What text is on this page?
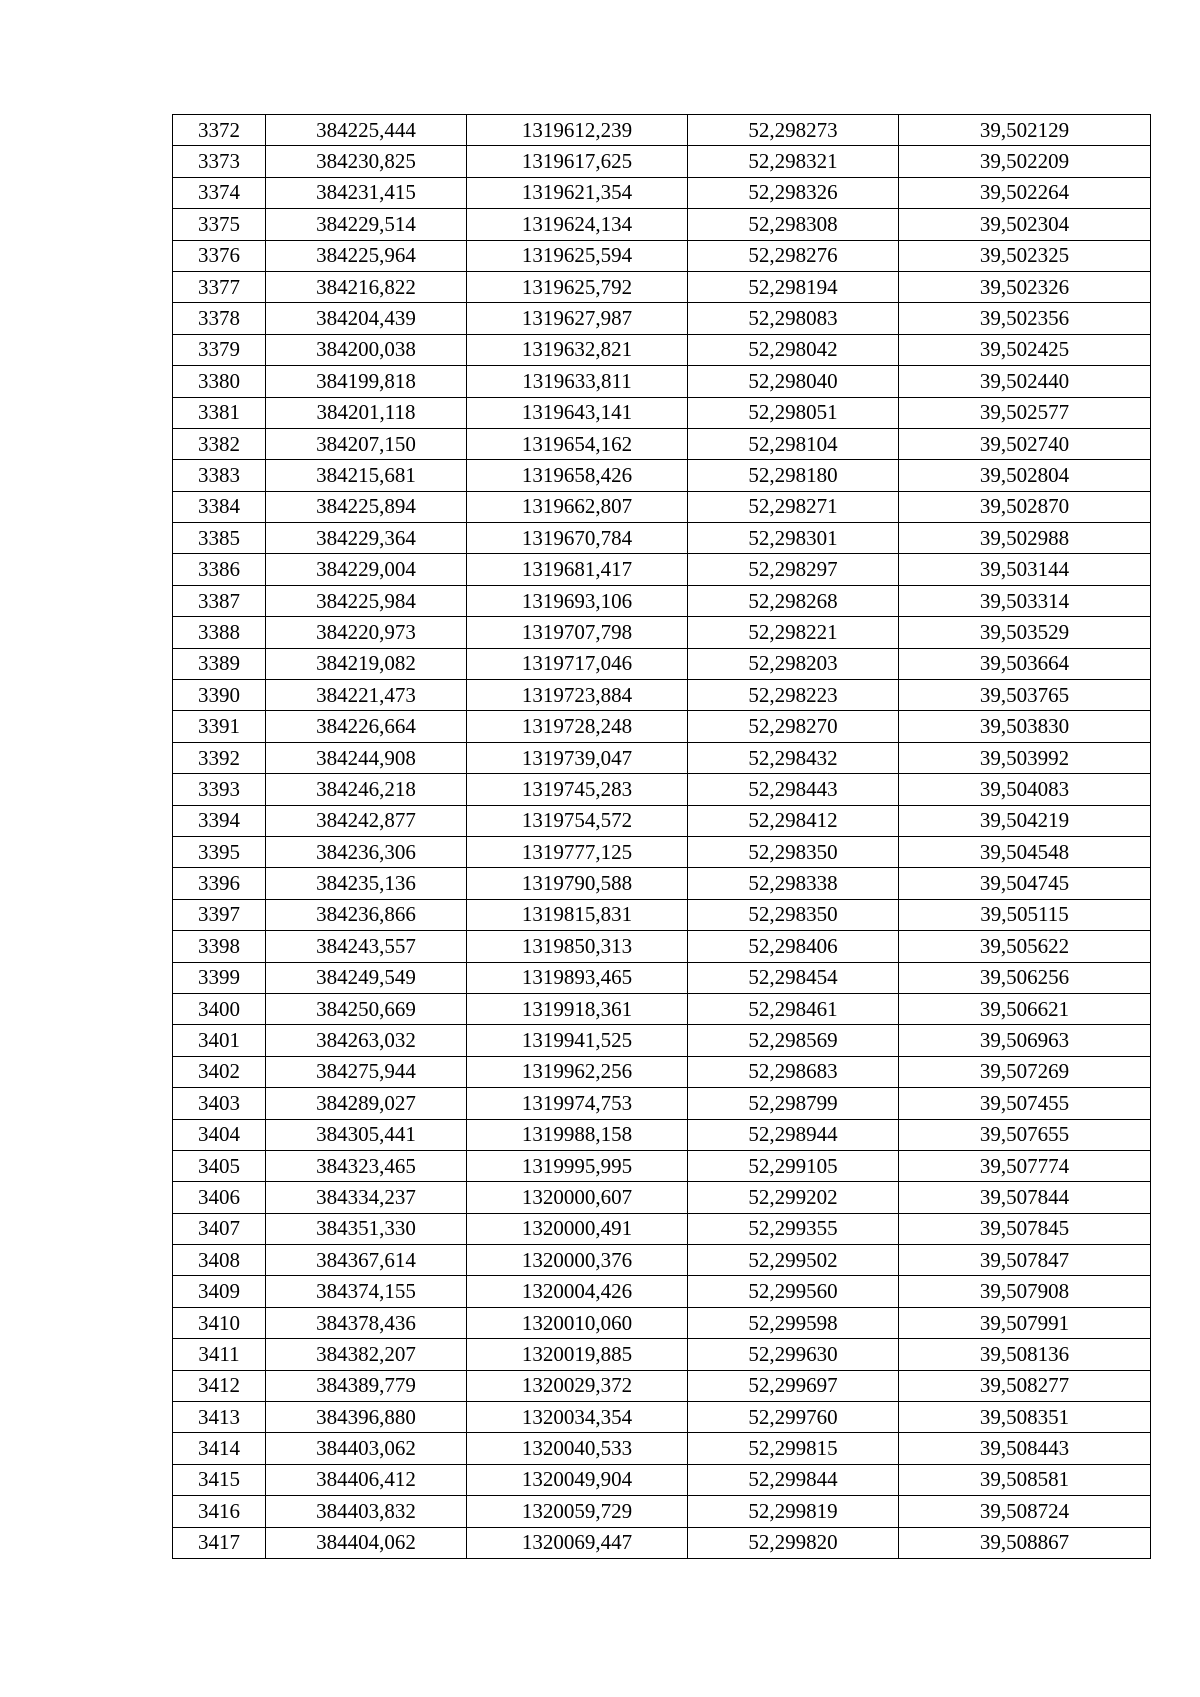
3372	384225,444	1319612,239	52,298273	39,502129
3373	384230,825	1319617,625	52,298321	39,502209
3374	384231,415	1319621,354	52,298326	39,502264
3375	384229,514	1319624,134	52,298308	39,502304
3376	384225,964	1319625,594	52,298276	39,502325
3377	384216,822	1319625,792	52,298194	39,502326
3378	384204,439	1319627,987	52,298083	39,502356
3379	384200,038	1319632,821	52,298042	39,502425
3380	384199,818	1319633,811	52,298040	39,502440
3381	384201,118	1319643,141	52,298051	39,502577
3382	384207,150	1319654,162	52,298104	39,502740
3383	384215,681	1319658,426	52,298180	39,502804
3384	384225,894	1319662,807	52,298271	39,502870
3385	384229,364	1319670,784	52,298301	39,502988
3386	384229,004	1319681,417	52,298297	39,503144
3387	384225,984	1319693,106	52,298268	39,503314
3388	384220,973	1319707,798	52,298221	39,503529
3389	384219,082	1319717,046	52,298203	39,503664
3390	384221,473	1319723,884	52,298223	39,503765
3391	384226,664	1319728,248	52,298270	39,503830
3392	384244,908	1319739,047	52,298432	39,503992
3393	384246,218	1319745,283	52,298443	39,504083
3394	384242,877	1319754,572	52,298412	39,504219
3395	384236,306	1319777,125	52,298350	39,504548
3396	384235,136	1319790,588	52,298338	39,504745
3397	384236,866	1319815,831	52,298350	39,505115
3398	384243,557	1319850,313	52,298406	39,505622
3399	384249,549	1319893,465	52,298454	39,506256
3400	384250,669	1319918,361	52,298461	39,506621
3401	384263,032	1319941,525	52,298569	39,506963
3402	384275,944	1319962,256	52,298683	39,507269
3403	384289,027	1319974,753	52,298799	39,507455
3404	384305,441	1319988,158	52,298944	39,507655
3405	384323,465	1319995,995	52,299105	39,507774
3406	384334,237	1320000,607	52,299202	39,507844
3407	384351,330	1320000,491	52,299355	39,507845
3408	384367,614	1320000,376	52,299502	39,507847
3409	384374,155	1320004,426	52,299560	39,507908
3410	384378,436	1320010,060	52,299598	39,507991
3411	384382,207	1320019,885	52,299630	39,508136
3412	384389,779	1320029,372	52,299697	39,508277
3413	384396,880	1320034,354	52,299760	39,508351
3414	384403,062	1320040,533	52,299815	39,508443
3415	384406,412	1320049,904	52,299844	39,508581
3416	384403,832	1320059,729	52,299819	39,508724
3417	384404,062	1320069,447	52,299820	39,508867
